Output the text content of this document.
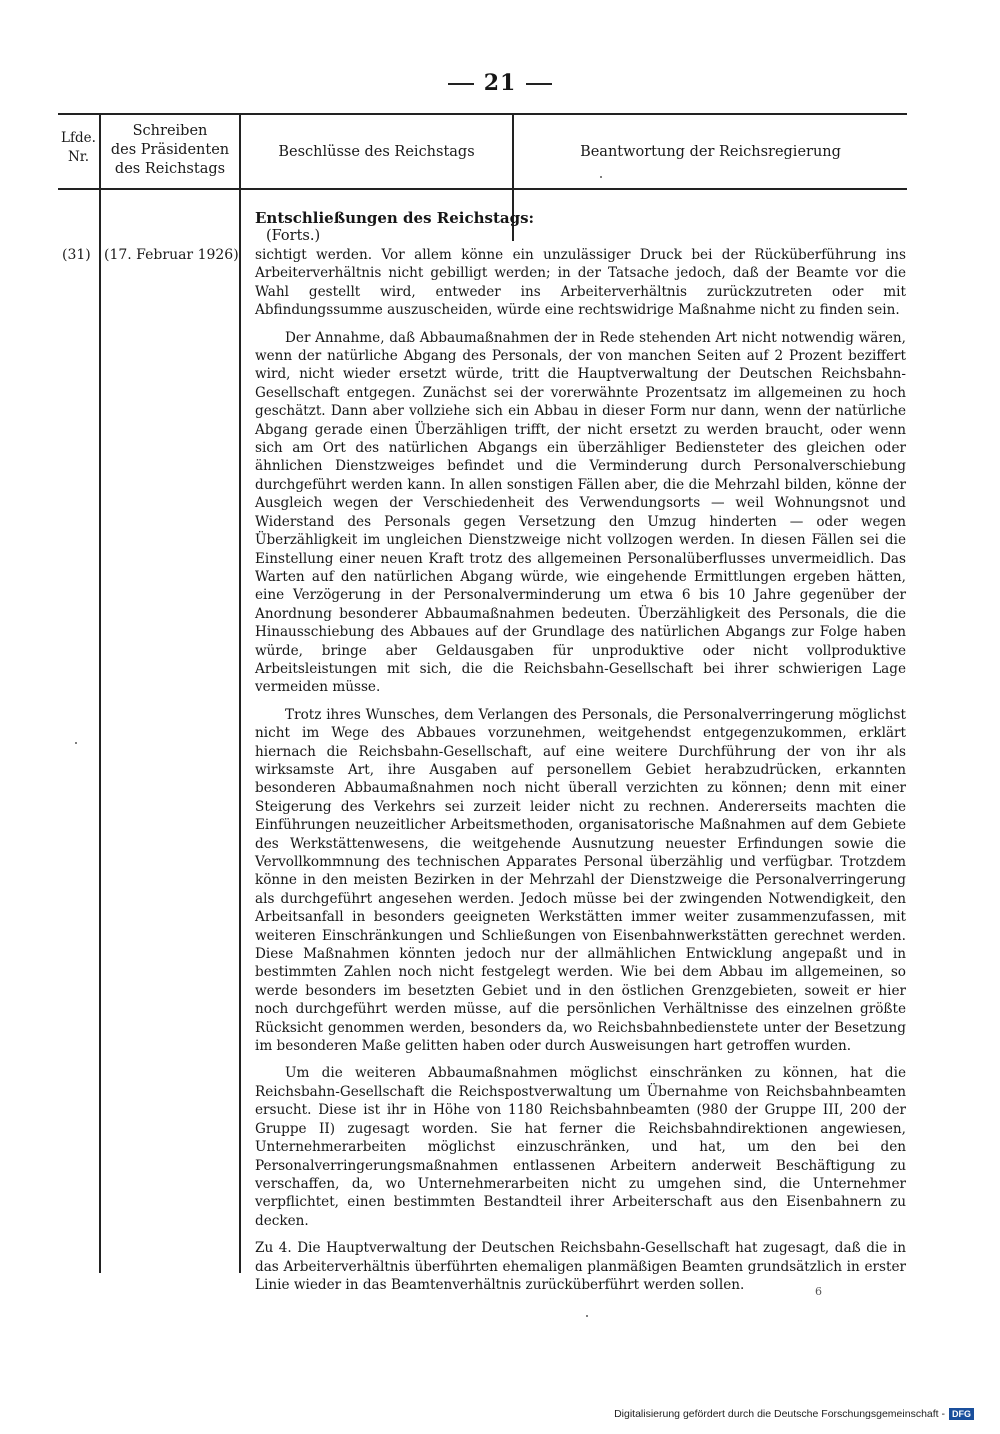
21
Lfde.
Nr.
Schreiben
des Präsidenten
des Reichstags
Beschlüsse des Reichstags	Beantwortung der Reichsregierung
(31) (17. Februar 1926)
Entschließungen des Reichstags:
(Forts.)

sichtigt werden. Vor allem könne ein unzulässiger Druck bei der Rücküberführung ins Arbeiterverhältnis nicht gebilligt werden; in der Tatsache jedoch, daß der Beamte vor die Wahl gestellt wird, entweder ins Arbeiterverhältnis zurückzutreten oder mit Abfindungssumme auszuscheiden, würde eine rechtswidrige Maßnahme nicht zu finden sein.

Der Annahme, daß Abbaumaßnahmen der in Rede stehenden Art nicht notwendig wären, wenn der natürliche Abgang des Personals, der von manchen Seiten auf 2 Prozent beziffert wird, nicht wieder ersetzt würde, tritt die Hauptverwaltung der Deutschen Reichsbahn-Gesellschaft entgegen. Zunächst sei der vorerwähnte Prozentsatz im allgemeinen zu hoch geschätzt. Dann aber vollziehe sich ein Abbau in dieser Form nur dann, wenn der natürliche Abgang gerade einen Überzähligen trifft, der nicht ersetzt zu werden braucht, oder wenn sich am Ort des natürlichen Abgangs ein überzähliger Bediensteter des gleichen oder ähnlichen Dienstzweiges befindet und die Verminderung durch Personalverschiebung durchgeführt werden kann. In allen sonstigen Fällen aber, die die Mehrzahl bilden, könne der Ausgleich wegen der Verschiedenheit des Verwendungsorts — weil Wohnungsnot und Widerstand des Personals gegen Versetzung den Umzug hinderten — oder wegen Überzähligkeit im ungleichen Dienstzweige nicht vollzogen werden. In diesen Fällen sei die Einstellung einer neuen Kraft trotz des allgemeinen Personalüberflusses unvermeidlich. Das Warten auf den natürlichen Abgang würde, wie eingehende Ermittlungen ergeben hätten, eine Verzögerung in der Personalverminderung um etwa 6 bis 10 Jahre gegenüber der Anordnung besonderer Abbaumaßnahmen bedeuten. Überzähligkeit des Personals, die die Hinausschiebung des Abbaues auf der Grundlage des natürlichen Abgangs zur Folge haben würde, bringe aber Geldausgaben für unproduktive oder nicht vollproduktive Arbeitsleistungen mit sich, die die Reichsbahn-Gesellschaft bei ihrer schwierigen Lage vermeiden müsse.

Trotz ihres Wunsches, dem Verlangen des Personals, die Personalverringerung möglichst nicht im Wege des Abbaues vorzunehmen, weitgehendst entgegenzukommen, erklärt hiernach die Reichsbahn-Gesellschaft, auf eine weitere Durchführung der von ihr als wirksamste Art, ihre Ausgaben auf personellem Gebiet herabzudrücken, erkannten besonderen Abbaumaßnahmen noch nicht überall verzichten zu können; denn mit einer Steigerung des Verkehrs sei zurzeit leider nicht zu rechnen. Andererseits machten die Einführungen neuzeitlicher Arbeitsmethoden, organisatorische Maßnahmen auf dem Gebiete des Werkstättenwesens, die weitgehende Ausnutzung neuester Erfindungen sowie die Vervollkommnung des technischen Apparates Personal überzählig und verfügbar. Trotzdem könne in den meisten Bezirken in der Mehrzahl der Dienstzweige die Personalverringerung als durchgeführt angesehen werden. Jedoch müsse bei der zwingenden Notwendigkeit, den Arbeitsanfall in besonders geeigneten Werkstätten immer weiter zusammenzufassen, mit weiteren Einschränkungen und Schließungen von Eisenbahnwerkstätten gerechnet werden. Diese Maßnahmen könnten jedoch nur der allmählichen Entwicklung angepaßt und in bestimmten Zahlen noch nicht festgelegt werden. Wie bei dem Abbau im allgemeinen, so werde besonders im besetzten Gebiet und in den östlichen Grenzgebieten, soweit er hier noch durchgeführt werden müsse, auf die persönlichen Verhältnisse des einzelnen größte Rücksicht genommen werden, besonders da, wo Reichsbahnbedienstete unter der Besetzung im besonderen Maße gelitten haben oder durch Ausweisungen hart getroffen wurden.

Um die weiteren Abbaumaßnahmen möglichst einschränken zu können, hat die Reichsbahn-Gesellschaft die Reichspostverwaltung um Übernahme von Reichsbahnbeamten ersucht. Diese ist ihr in Höhe von 1180 Reichsbahnbeamten (980 der Gruppe III, 200 der Gruppe II) zugesagt worden. Sie hat ferner die Reichsbahndirektionen angewiesen, Unternehmerarbeiten möglichst einzuschränken, und hat, um den bei den Personalverringerungsmaßnahmen entlassenen Arbeitern anderweit Beschäftigung zu verschaffen, da, wo Unternehmerarbeiten nicht zu umgehen sind, die Unternehmer verpflichtet, einen bestimmten Bestandteil ihrer Arbeiterschaft aus den Eisenbahnern zu decken.

Zu 4. Die Hauptverwaltung der Deutschen Reichsbahn-Gesellschaft hat zugesagt, daß die in das Arbeiterverhältnis überführten ehemaligen planmäßigen Beamten grundsätzlich in erster Linie wieder in das Beamtenverhältnis zurücküberführt werden sollen.	6
Digitalisierung gefördert durch die Deutsche Forschungsgemeinschaft - DFG
